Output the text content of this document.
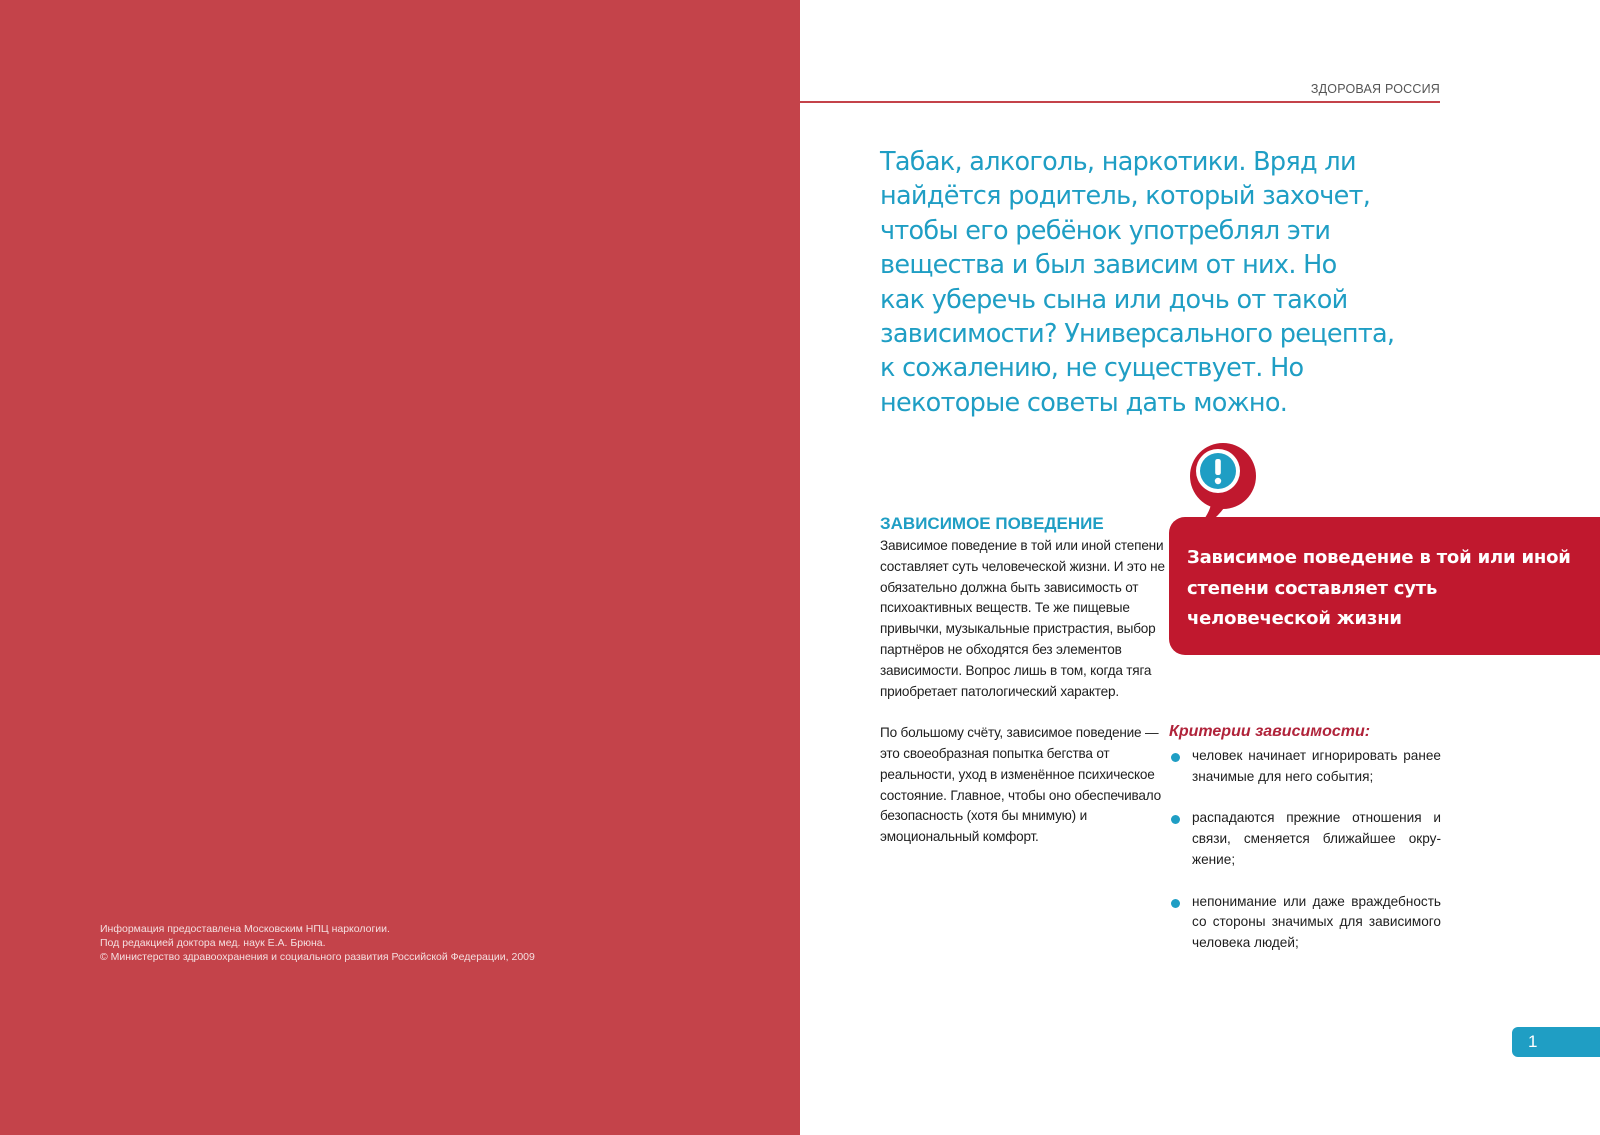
Информация предоставлена Московским НПЦ наркологии.
Под редакцией доктора мед. наук Е.А. Брюна.
© Министерство здравоохранения и социального развития Российской Федерации, 2009
ЗДОРОВАЯ РОССИЯ
Табак, алкоголь, наркотики. Вряд ли
найдётся родитель, который захочет,
чтобы его ребёнок употреблял эти
вещества и был зависим от них. Но
как уберечь сына или дочь от такой
зависимости? Универсального рецепта,
к сожалению, не существует. Но
некоторые советы дать можно.
ЗАВИСИМОЕ ПОВЕДЕНИЕ

Зависимое поведение в той или иной степени составляет суть человеческой жизни. И это не обязательно должна быть зависимость от психоактивных веществ. Те же пищевые привычки, музыкальные пристрастия, выбор партнёров не обходятся без элементов зависимости. Вопрос лишь в том, когда тяга приобретает патологический характер.

По большому счёту, зависимое поведение — это своеобразная попытка бегства от реальности, уход в изменённое психическое состояние. Главное, чтобы оно обеспечивало безопасность (хотя бы мнимую) и эмоциональный комфорт.

Зависимое поведение в той или иной степени составляет суть человеческой жизни
Критерии зависимости:
человек начинает игнорировать ранее значимые для него события;
распадаются прежние отношения и связи, сменяется ближайшее окружение;
непонимание или даже враждебность со стороны значимых для зависимого человека людей;
1
